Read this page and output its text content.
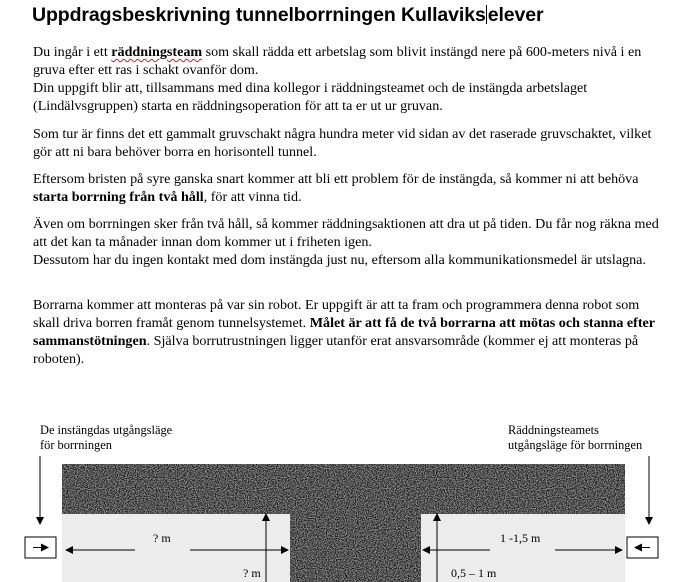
Uppdragsbeskrivning tunnelborrningen Kullaviks elever

Du ingår i ett räddningsteam som skall rädda ett arbetslag som blivit instängd nere på 600-meters nivå i en gruva efter ett ras i schakt ovanför dom.

Din uppgift blir att, tillsammans med dina kollegor i räddningsteamet och de instängda arbetslaget (Lindälvsgruppen) starta en räddningsoperation för att ta er ut ur gruvan.

Som tur är finns det ett gammalt gruvschakt några hundra meter vid sidan av det raserade gruvschaktet, vilket gör att ni bara behöver borra en horisontell tunnel.

Eftersom bristen på syre ganska snart kommer att bli ett problem för de instängda, så kommer ni att behöva starta borrning från två håll, för att vinna tid.

Även om borrningen sker från två håll, så kommer räddningsaktionen att dra ut på tiden. Du får nog räkna med att det kan ta månader innan dom kommer ut i friheten igen.

Dessutom har du ingen kontakt med dom instängda just nu, eftersom alla kommunikationsmedel är utslagna.

Borrarna kommer att monteras på var sin robot. Er uppgift är att ta fram och programmera denna robot som skall driva borren framåt genom tunnelsystemet. Målet är att få de två borrarna att mötas och stanna efter sammanstötningen. Själva borrutrustningen ligger utanför erat ansvarsområde (kommer ej att monteras på roboten).

De instängdas utgångsläge
för borrningen
Räddningsteamets
utgångsläge för borrningen
? m
? m
1 -1,5 m
0,5 – 1 m
